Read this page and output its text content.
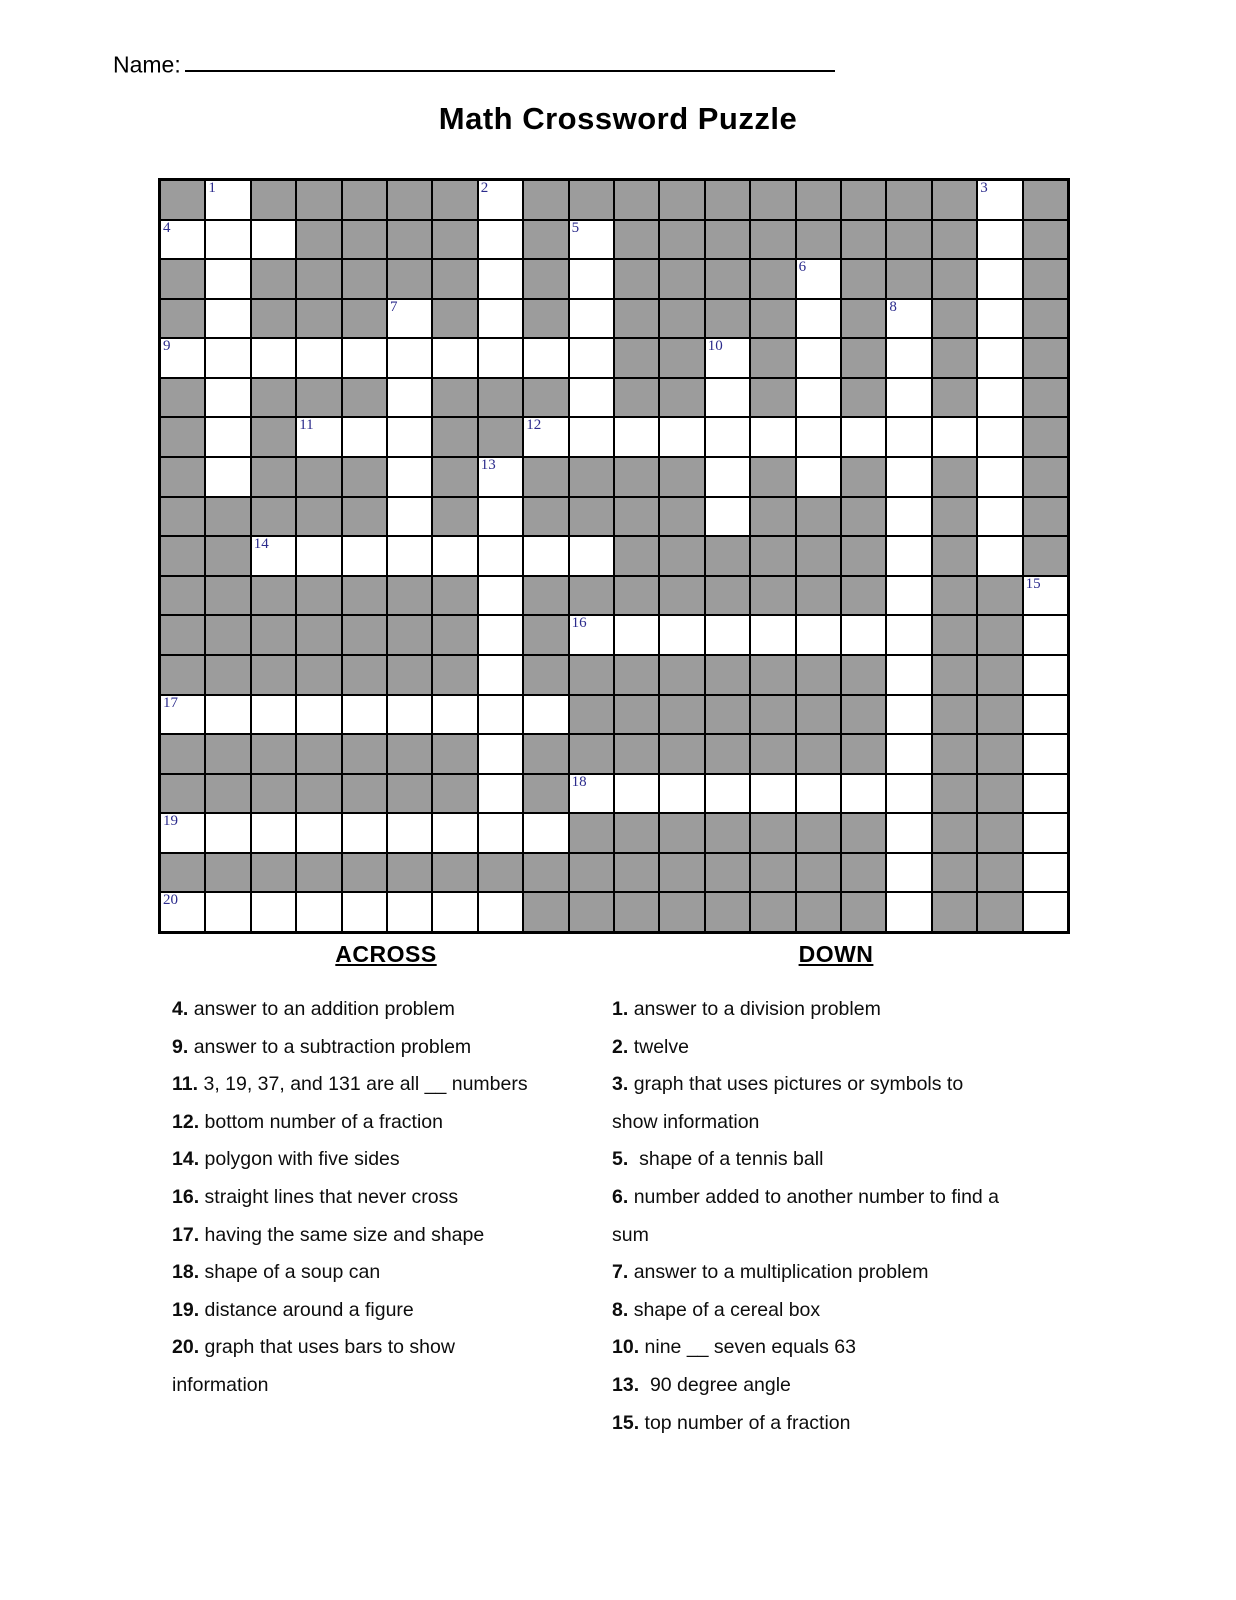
Name:
Math Crossword Puzzle
1	2	3
4	5
6
7	8
9	10
11	12
13
14
15
16
17
18
19
20
ACROSS	DOWN
4. answer to an addition problem
9. answer to a subtraction problem
11. 3, 19, 37, and 131 are all __ numbers
12. bottom number of a fraction
14. polygon with five sides
16. straight lines that never cross
17. having the same size and shape
18. shape of a soup can
19. distance around a figure
20. graph that uses bars to show
information
1. answer to a division problem
2. twelve
3. graph that uses pictures or symbols to
show information
5.  shape of a tennis ball
6. number added to another number to find a
sum
7. answer to a multiplication problem
8. shape of a cereal box
10. nine __ seven equals 63
13.  90 degree angle
15. top number of a fraction
